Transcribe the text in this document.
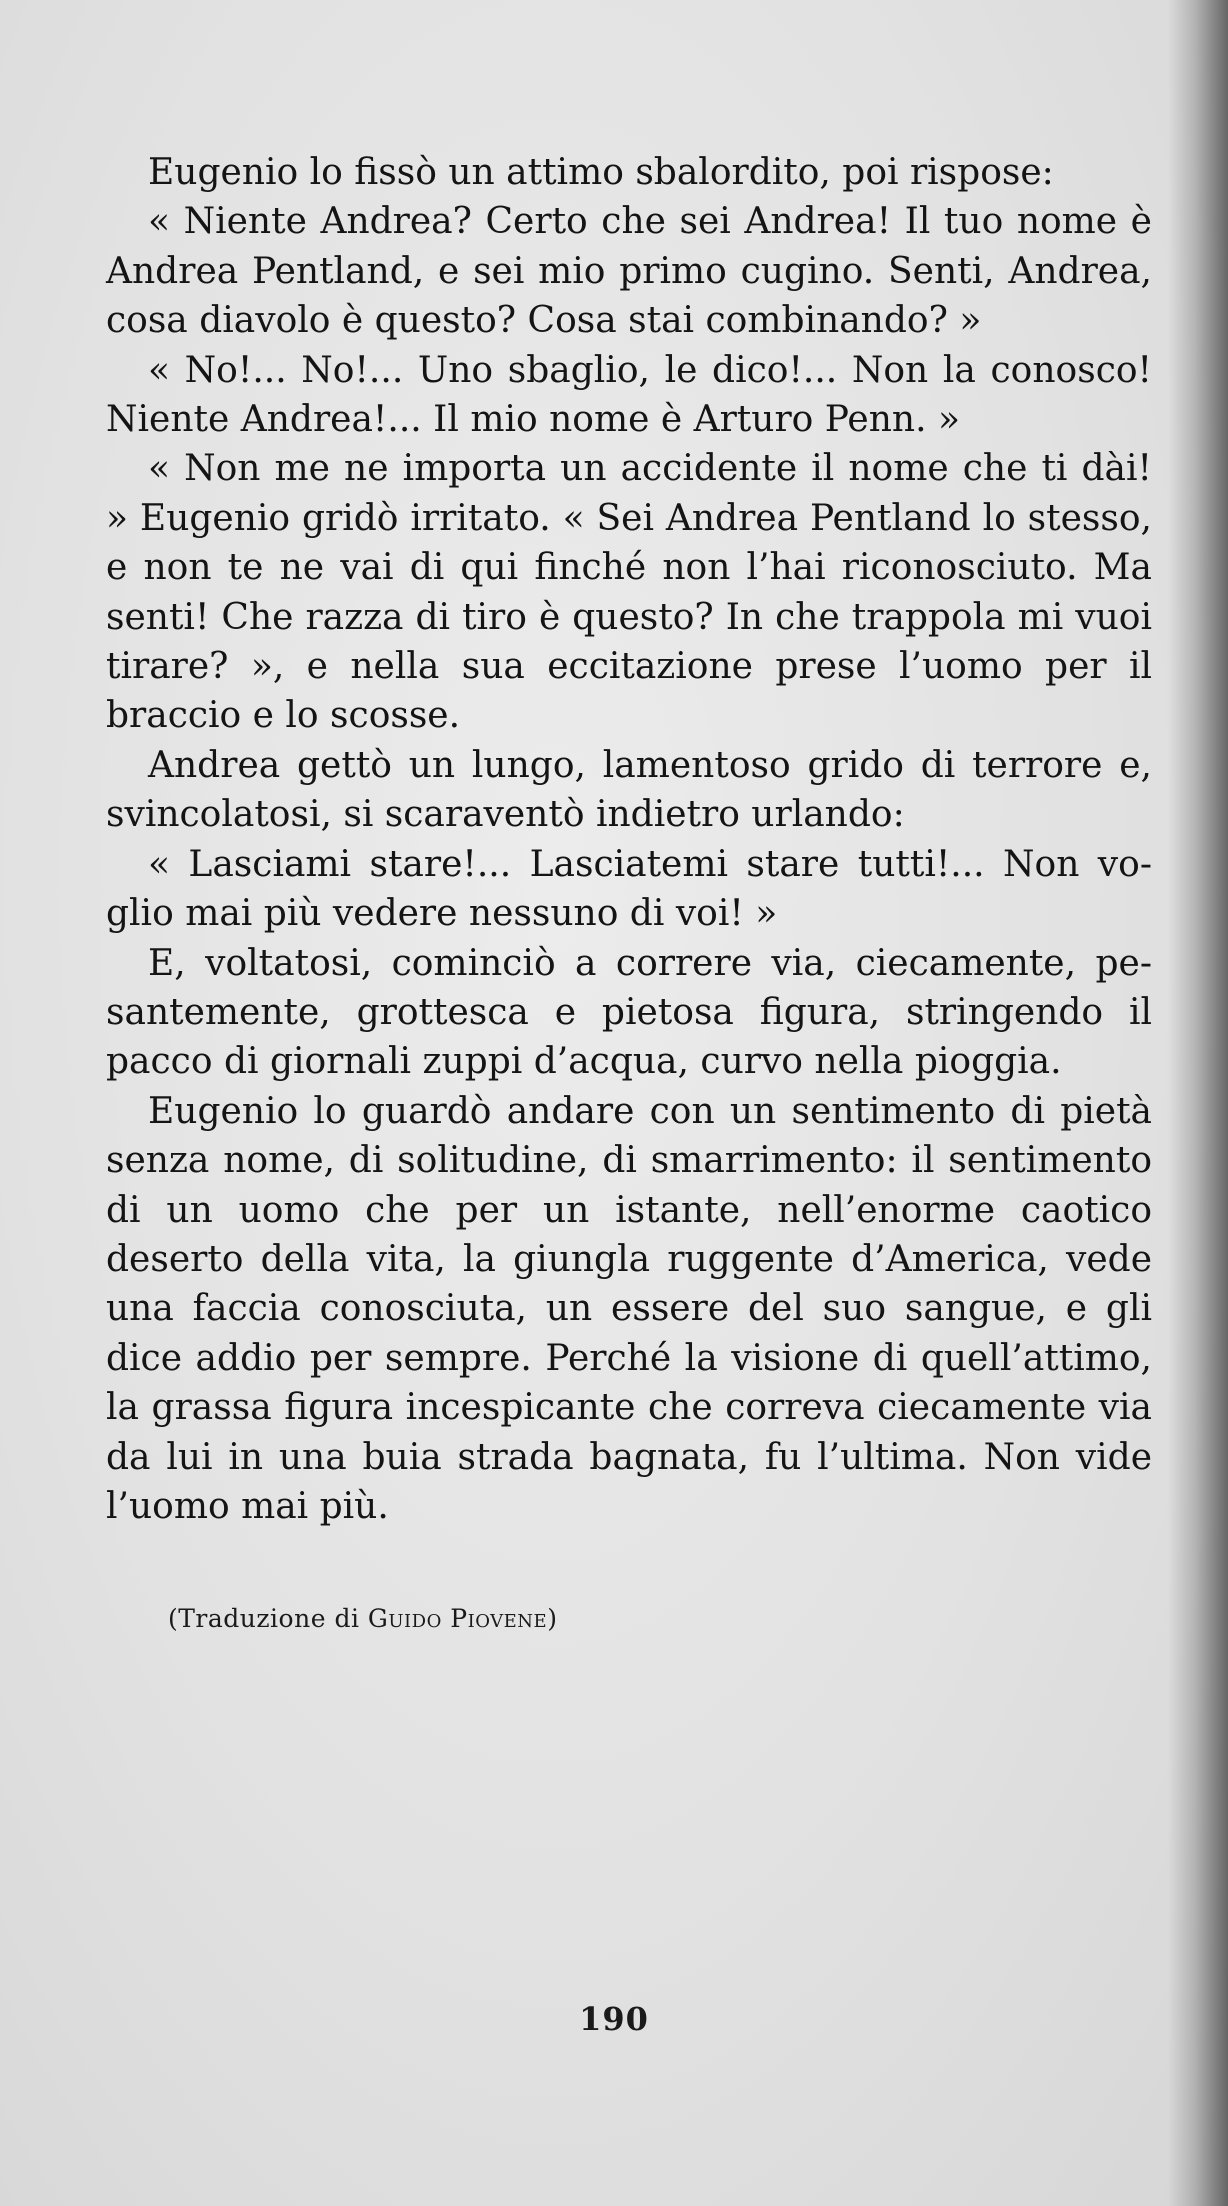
Eugenio lo fissò un attimo sbalordito, poi rispose:

« Niente Andrea? Certo che sei Andrea! Il tuo nome è Andrea Pentland, e sei mio primo cugino. Senti, Andrea, cosa diavolo è questo? Cosa stai combinando? »

« No!... No!... Uno sbaglio, le dico!... Non la conosco! Niente Andrea!... Il mio nome è Arturo Penn. »

« Non me ne importa un accidente il nome che ti dài! » Eugenio gridò irritato. « Sei Andrea Pentland lo stesso, e non te ne vai di qui finché non l’hai riconosciuto. Ma senti! Che razza di tiro è questo? In che trappola mi vuoi tirare? », e nella sua eccitazione prese l’uomo per il braccio e lo scosse.

Andrea gettò un lungo, lamentoso grido di terrore e, svincolatosi, si scaraventò indietro urlando:

« Lasciami stare!... Lasciatemi stare tutti!... Non voglio mai più vedere nessuno di voi! »

E, voltatosi, cominciò a correre via, ciecamente, pesantemente, grottesca e pietosa figura, stringendo il pacco di giornali zuppi d’acqua, curvo nella pioggia.

Eugenio lo guardò andare con un sentimento di pietà senza nome, di solitudine, di smarrimento: il sentimento di un uomo che per un istante, nell’enorme caotico deserto della vita, la giungla ruggente d’America, vede una faccia conosciuta, un essere del suo sangue, e gli dice addio per sempre. Perché la visione di quell’attimo, la grassa figura incespicante che correva ciecamente via da lui in una buia strada bagnata, fu l’ultima. Non vide l’uomo mai più.

(Traduzione di Guido Piovene)
190
